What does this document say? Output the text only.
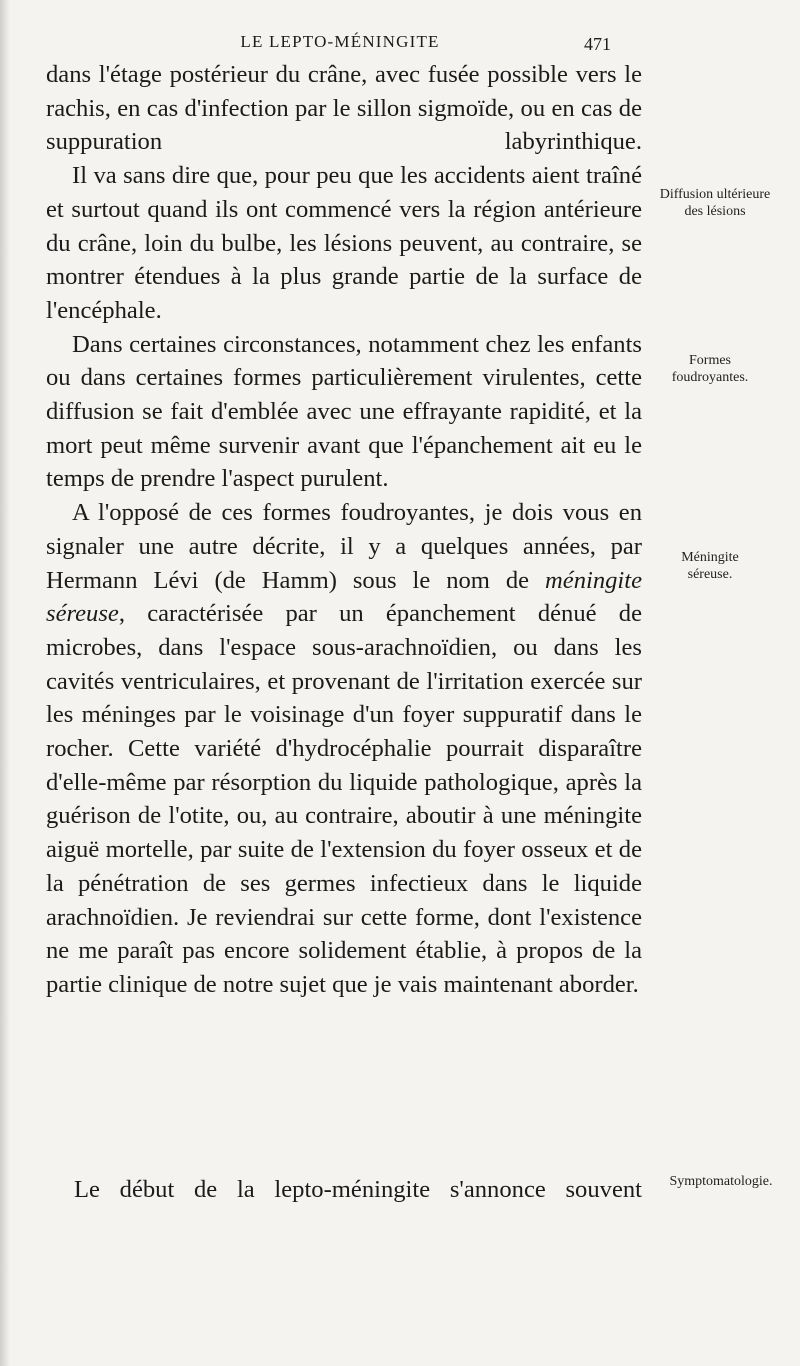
LE LEPTO-MÉNINGITE	471

dans l'étage postérieur du crâne, avec fusée possible vers le rachis, en cas d'infection par le sillon sigmoïde, ou en cas de suppuration labyrinthique.

Il va sans dire que, pour peu que les accidents aient traîné et surtout quand ils ont commencé vers la région antérieure du crâne, loin du bulbe, les lésions peuvent, au contraire, se montrer étendues à la plus grande partie de la surface de l'encéphale.

Dans certaines circonstances, notamment chez les enfants ou dans certaines formes particulièrement virulentes, cette diffusion se fait d'emblée avec une effrayante rapidité, et la mort peut même survenir avant que l'épanchement ait eu le temps de prendre l'aspect purulent.

A l'opposé de ces formes foudroyantes, je dois vous en signaler une autre décrite, il y a quelques années, par Hermann Lévi (de Hamm) sous le nom de méningite séreuse, caractérisée par un épanchement dénué de microbes, dans l'espace sous-arachnoïdien, ou dans les cavités ventriculaires, et provenant de l'irritation exercée sur les méninges par le voisinage d'un foyer suppuratif dans le rocher. Cette variété d'hydrocéphalie pourrait disparaître d'elle-même par résorption du liquide pathologique, après la guérison de l'otite, ou, au contraire, aboutir à une méningite aiguë mortelle, par suite de l'extension du foyer osseux et de la pénétration de ses germes infectieux dans le liquide arachnoïdien. Je reviendrai sur cette forme, dont l'existence ne me paraît pas encore solidement établie, à propos de la partie clinique de notre sujet que je vais maintenant aborder.

Le début de la lepto-méningite s'annonce souvent
Diffusion ultérieure des lésions
Formes foudroyantes.
Méningite séreuse.
Symptomatologie.
